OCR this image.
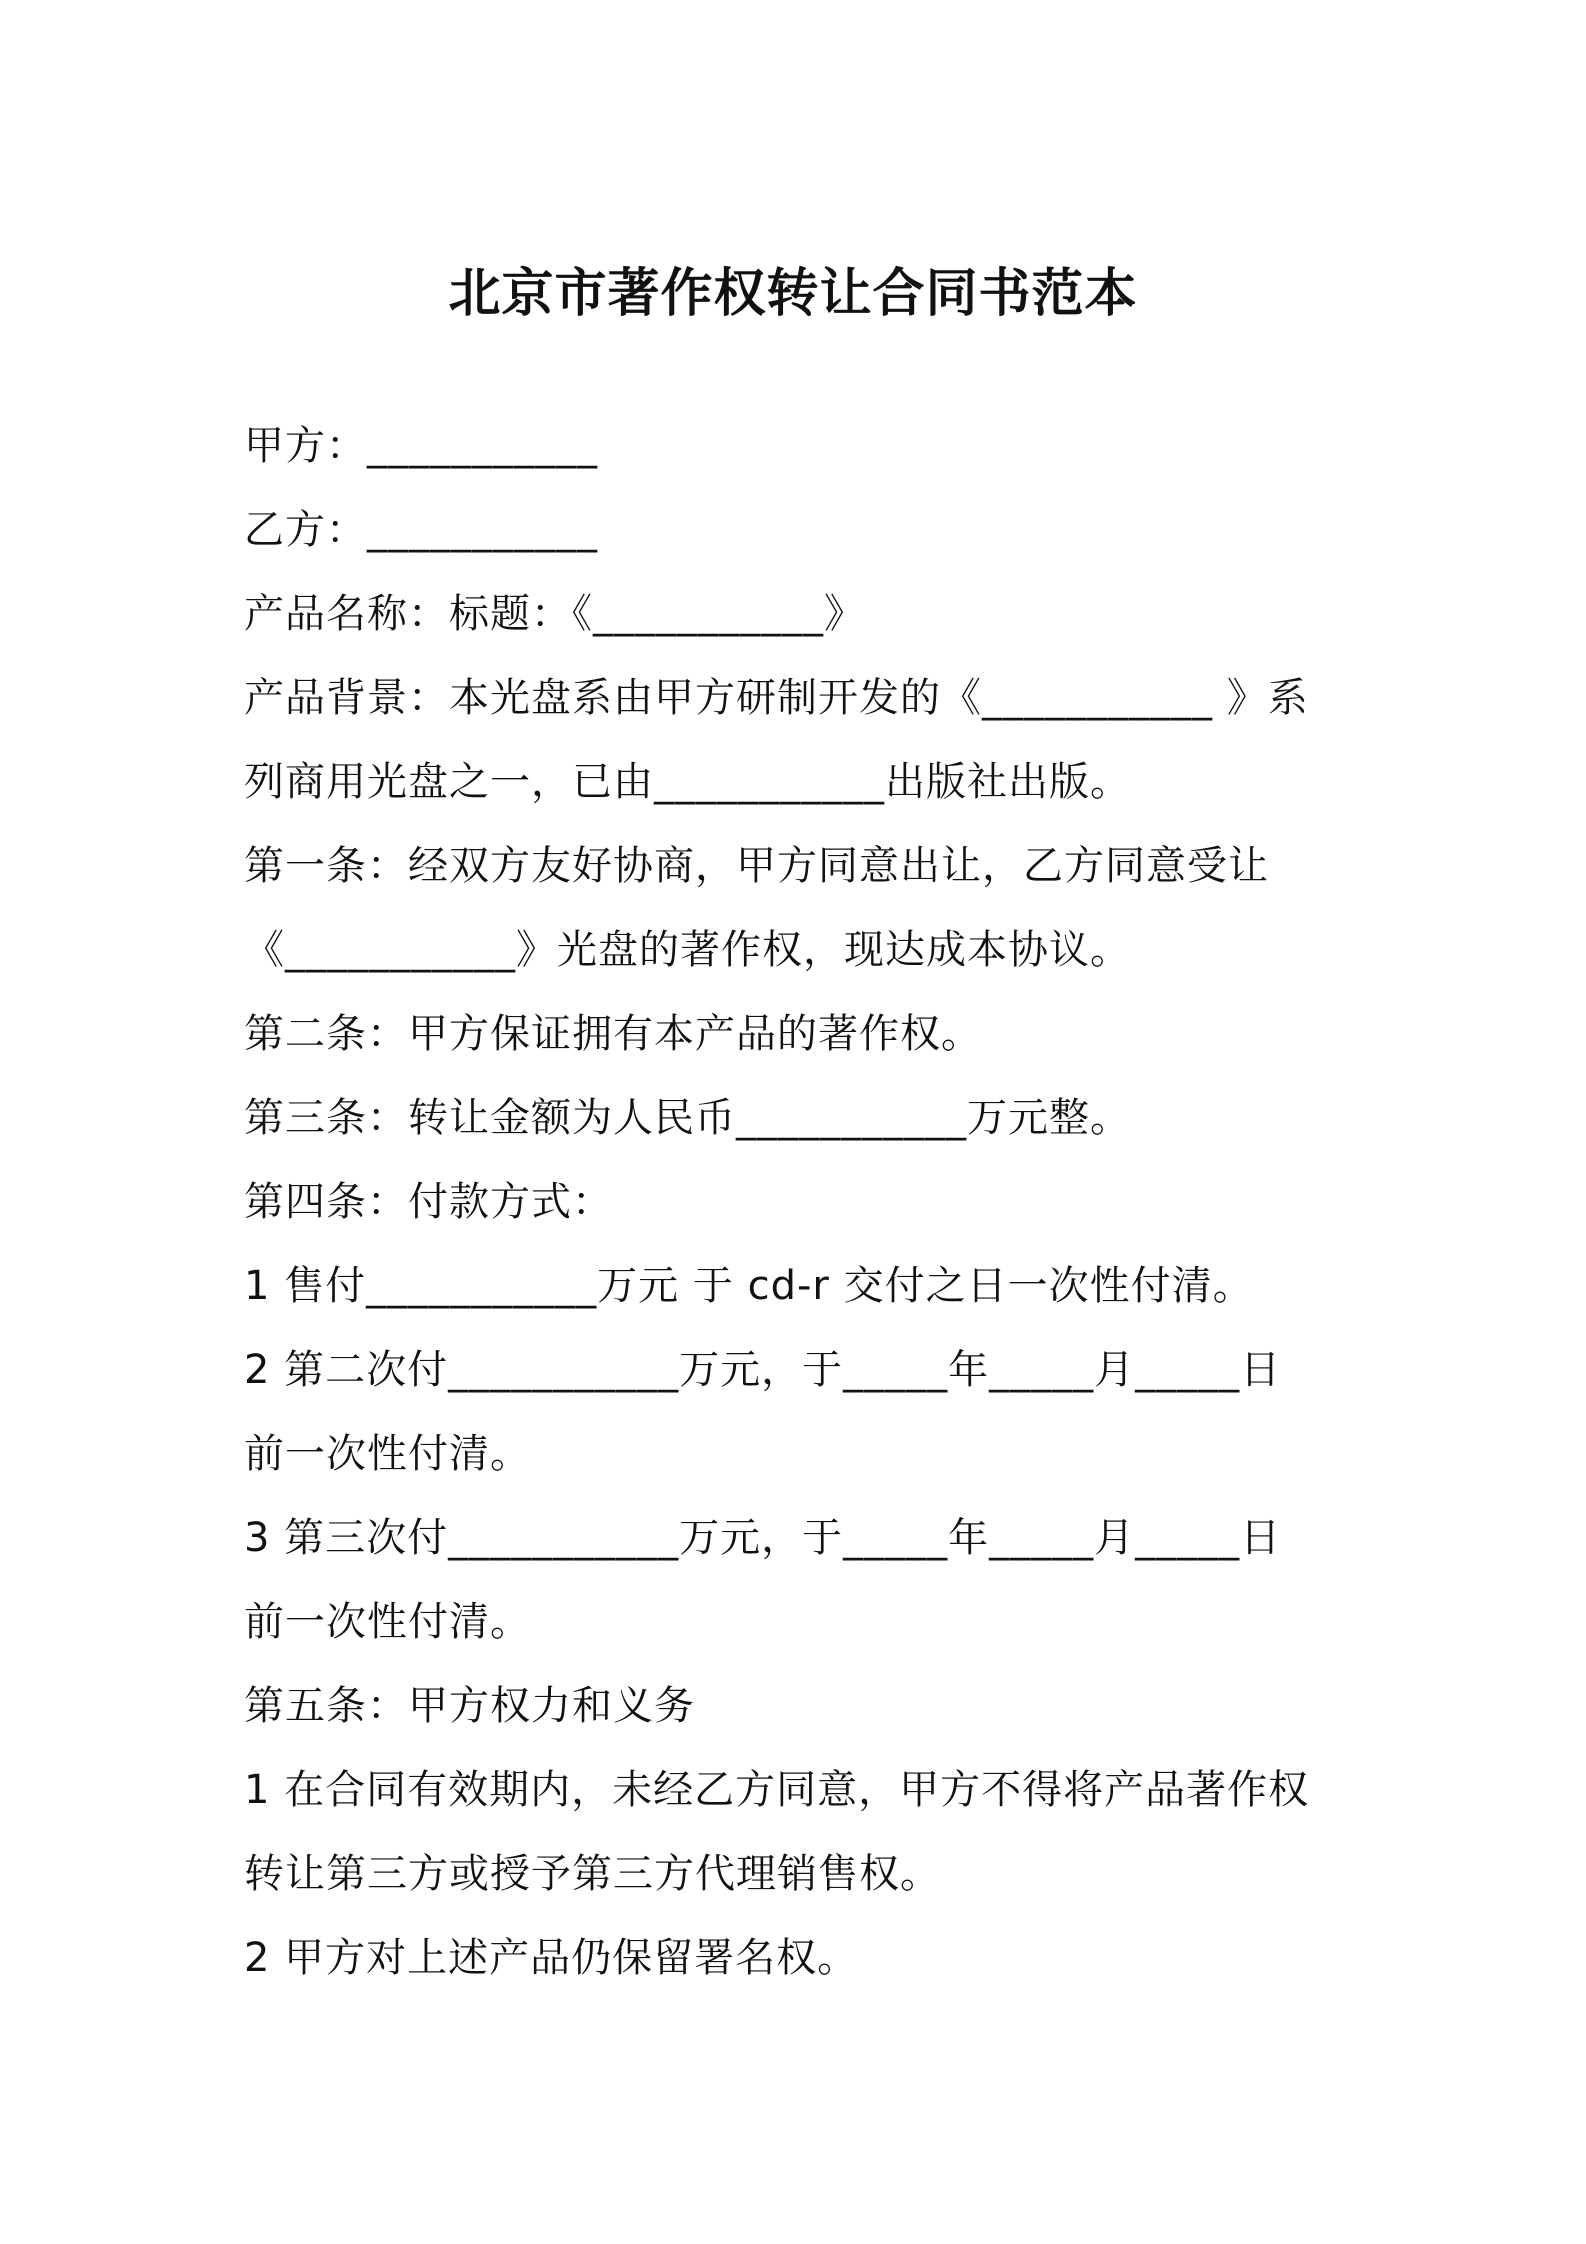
北京市著作权转让合同书范本
甲方：___________
乙方：___________
产品名称：标题：《___________》
产品背景：本光盘系由甲方研制开发的《___________ 》系
列商用光盘之一，已由___________出版社出版。
第一条：经双方友好协商，甲方同意出让，乙方同意受让
《___________》光盘的著作权，现达成本协议。
第二条：甲方保证拥有本产品的著作权。
第三条：转让金额为人民币___________万元整。
第四条：付款方式：
1 售付___________万元 于 cd-r 交付之日一次性付清。
2 第二次付___________万元，于_____年_____月_____日
前一次性付清。
3 第三次付___________万元，于_____年_____月_____日
前一次性付清。
第五条：甲方权力和义务
1 在合同有效期内，未经乙方同意，甲方不得将产品著作权
转让第三方或授予第三方代理销售权。
2 甲方对上述产品仍保留署名权。
